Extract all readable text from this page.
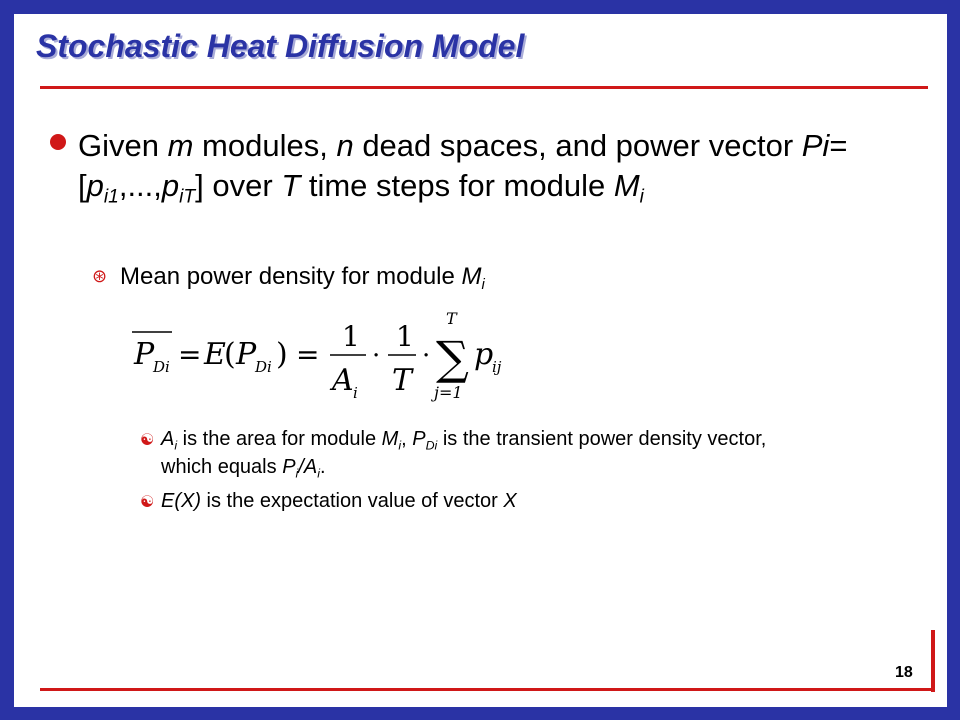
Stochastic Heat Diffusion Model
Given m modules, n dead spaces, and power vector $Pi=[p_{i1},...,p_{iT}]$ over T time steps for module $M_i$
⊛ Mean power density for module $M_i$
P
Di = E
( P
Di ) =
1
A i
·
1
T
·
T
∑
j=1
p
ij
☯ $A_i$ is the area for module $M_i$, $P_{Di}$ is the transient power density vector, which equals $P_i/A_i$.
☯ E(X) is the expectation value of vector X
18
